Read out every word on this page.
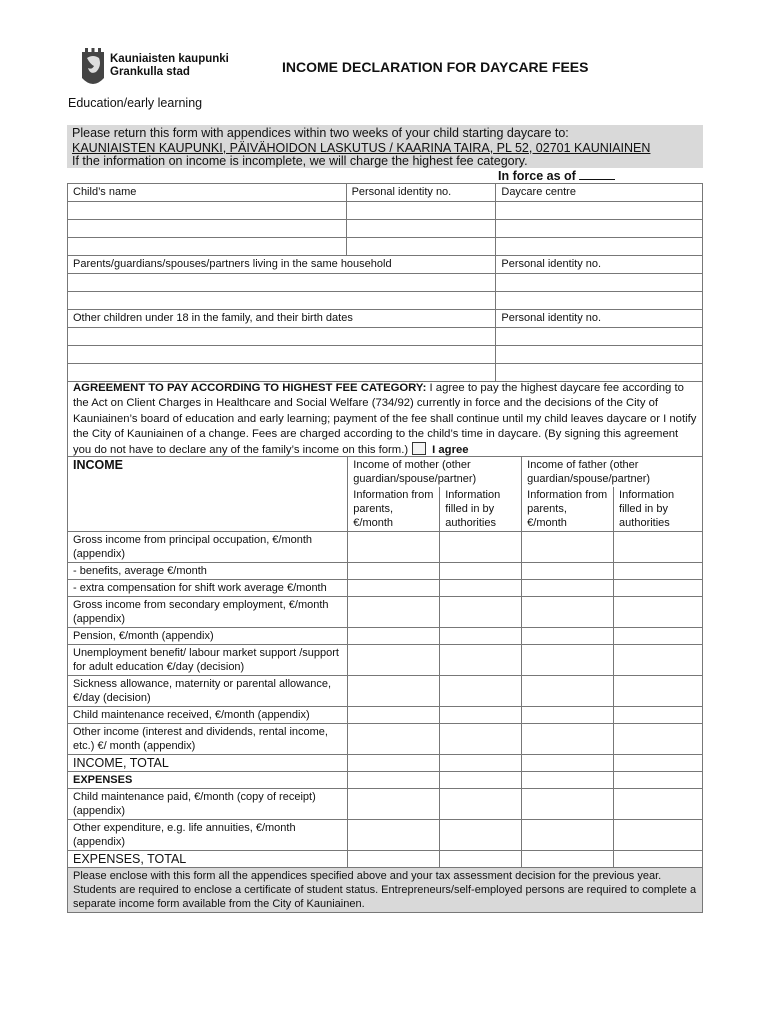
Kauniaisten kaupunki
Grankulla stad	INCOME DECLARATION FOR DAYCARE FEES
Education/early learning
Please return this form with appendices within two weeks of your child starting daycare to:
KAUNIAISTEN KAUPUNKI, PÄIVÄHOIDON LASKUTUS / KAARINA TAIRA, PL 52, 02701 KAUNIAINEN
If the information on income is incomplete, we will charge the highest fee category.
In force as of
Child’s name	Personal identity no.	Daycare centre

Parents/guardians/spouses/partners living in the same household		Personal identity no.

Other children under 18 in the family, and their birth dates		Personal identity no.

AGREEMENT TO PAY ACCORDING TO HIGHEST FEE CATEGORY: I agree to pay the highest daycare fee according to the Act on Client Charges in Healthcare and Social Welfare (734/92) currently in force and the decisions of the City of Kauniainen’s board of education and early learning; payment of the fee shall continue until my child leaves daycare or I notify the City of Kauniainen of a change. Fees are charged according to the child’s time in daycare. (By signing this agreement you do not have to declare any of the family’s income on this form.) I agree
INCOME	Income of mother (other guardian/spouse/partner)		Income of father (other guardian/spouse/partner)	
	Information from parents, €/month	Information filled in by authorities	Information from parents, €/month	Information filled in by authorities
Gross income from principal occupation, €/month (appendix)				
- benefits, average €/month				
- extra compensation for shift work average €/month				
Gross income from secondary employment, €/month (appendix)				
Pension, €/month (appendix)				
Unemployment benefit/ labour market support /support for adult education €/day (decision)				
Sickness allowance, maternity or parental allowance, €/day (decision)				
Child maintenance received, €/month (appendix)				
Other income (interest and dividends, rental income, etc.) €/ month (appendix)				
INCOME, TOTAL				
EXPENSES				
Child maintenance paid, €/month (copy of receipt) (appendix)				
Other expenditure, e.g. life annuities, €/month (appendix)				
EXPENSES, TOTAL				
Please enclose with this form all the appendices specified above and your tax assessment decision for the previous year. Students are required to enclose a certificate of student status. Entrepreneurs/self-employed persons are required to complete a separate income form available from the City of Kauniainen.				
